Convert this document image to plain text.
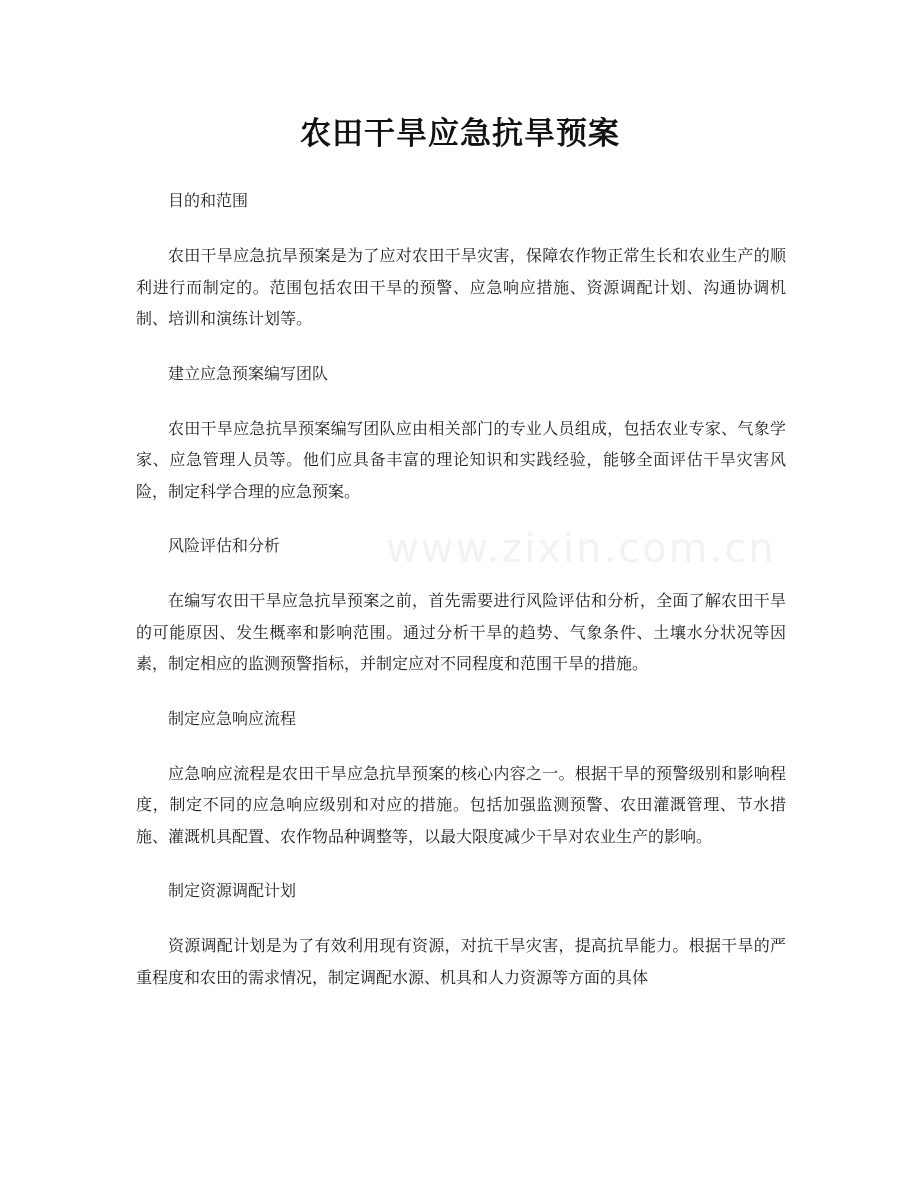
www.zixin.com.cn
农田干旱应急抗旱预案

目的和范围

农田干旱应急抗旱预案是为了应对农田干旱灾害，保障农作物正常生长和农业生产的顺利进行而制定的。范围包括农田干旱的预警、应急响应措施、资源调配计划、沟通协调机制、培训和演练计划等。

建立应急预案编写团队

农田干旱应急抗旱预案编写团队应由相关部门的专业人员组成，包括农业专家、气象学家、应急管理人员等。他们应具备丰富的理论知识和实践经验，能够全面评估干旱灾害风险，制定科学合理的应急预案。

风险评估和分析

在编写农田干旱应急抗旱预案之前，首先需要进行风险评估和分析，全面了解农田干旱的可能原因、发生概率和影响范围。通过分析干旱的趋势、气象条件、土壤水分状况等因素，制定相应的监测预警指标，并制定应对不同程度和范围干旱的措施。

制定应急响应流程

应急响应流程是农田干旱应急抗旱预案的核心内容之一。根据干旱的预警级别和影响程度，制定不同的应急响应级别和对应的措施。包括加强监测预警、农田灌溉管理、节水措施、灌溉机具配置、农作物品种调整等，以最大限度减少干旱对农业生产的影响。

制定资源调配计划

资源调配计划是为了有效利用现有资源，对抗干旱灾害，提高抗旱能力。根据干旱的严重程度和农田的需求情况，制定调配水源、机具和人力资源等方面的具体
